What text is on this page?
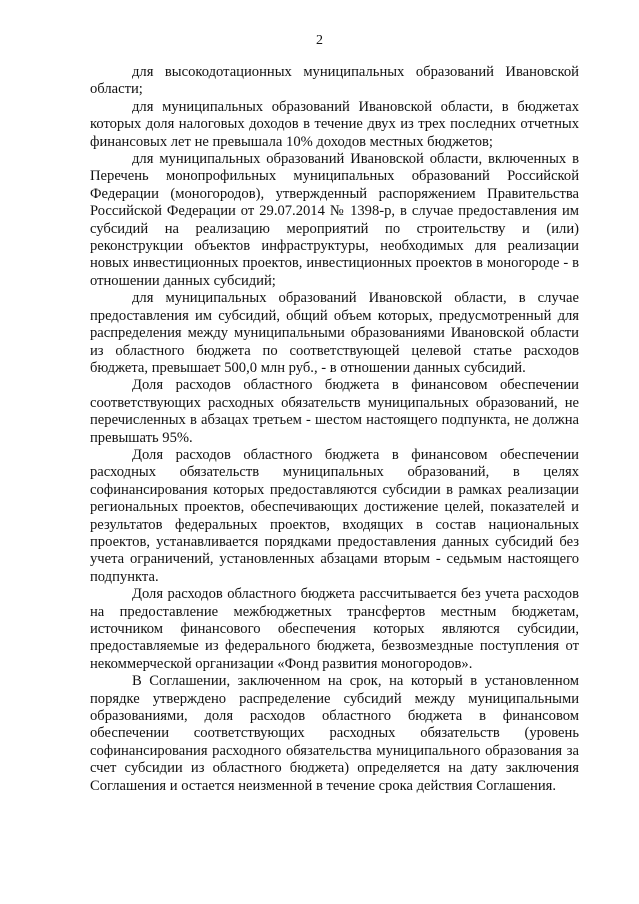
2

для высокодотационных муниципальных образований Ивановской области;

для муниципальных образований Ивановской области, в бюджетах которых доля налоговых доходов в течение двух из трех последних отчетных финансовых лет не превышала 10% доходов местных бюджетов;

для муниципальных образований Ивановской области, включенных в Перечень монопрофильных муниципальных образований Российской Федерации (моногородов), утвержденный распоряжением Правительства Российской Федерации от 29.07.2014 № 1398-р, в случае предоставления им субсидий на реализацию мероприятий по строительству и (или) реконструкции объектов инфраструктуры, необходимых для реализации новых инвестиционных проектов, инвестиционных проектов в моногороде - в отношении данных субсидий;

для муниципальных образований Ивановской области, в случае предоставления им субсидий, общий объем которых, предусмотренный для распределения между муниципальными образованиями Ивановской области из областного бюджета по соответствующей целевой статье расходов бюджета, превышает 500,0 млн руб., - в отношении данных субсидий.

Доля расходов областного бюджета в финансовом обеспечении соответствующих расходных обязательств муниципальных образований, не перечисленных в абзацах третьем - шестом настоящего подпункта, не должна превышать 95%.

Доля расходов областного бюджета в финансовом обеспечении расходных обязательств муниципальных образований, в целях софинансирования которых предоставляются субсидии в рамках реализации региональных проектов, обеспечивающих достижение целей, показателей и результатов федеральных проектов, входящих в состав национальных проектов, устанавливается порядками предоставления данных субсидий без учета ограничений, установленных абзацами вторым - седьмым настоящего подпункта.

Доля расходов областного бюджета рассчитывается без учета расходов на предоставление межбюджетных трансфертов местным бюджетам, источником финансового обеспечения которых являются субсидии, предоставляемые из федерального бюджета, безвозмездные поступления от некоммерческой организации «Фонд развития моногородов».

В Соглашении, заключенном на срок, на который в установленном порядке утверждено распределение субсидий между муниципальными образованиями, доля расходов областного бюджета в финансовом обеспечении соответствующих расходных обязательств (уровень софинансирования расходного обязательства муниципального образования за счет субсидии из областного бюджета) определяется на дату заключения Соглашения и остается неизменной в течение срока действия Соглашения.
